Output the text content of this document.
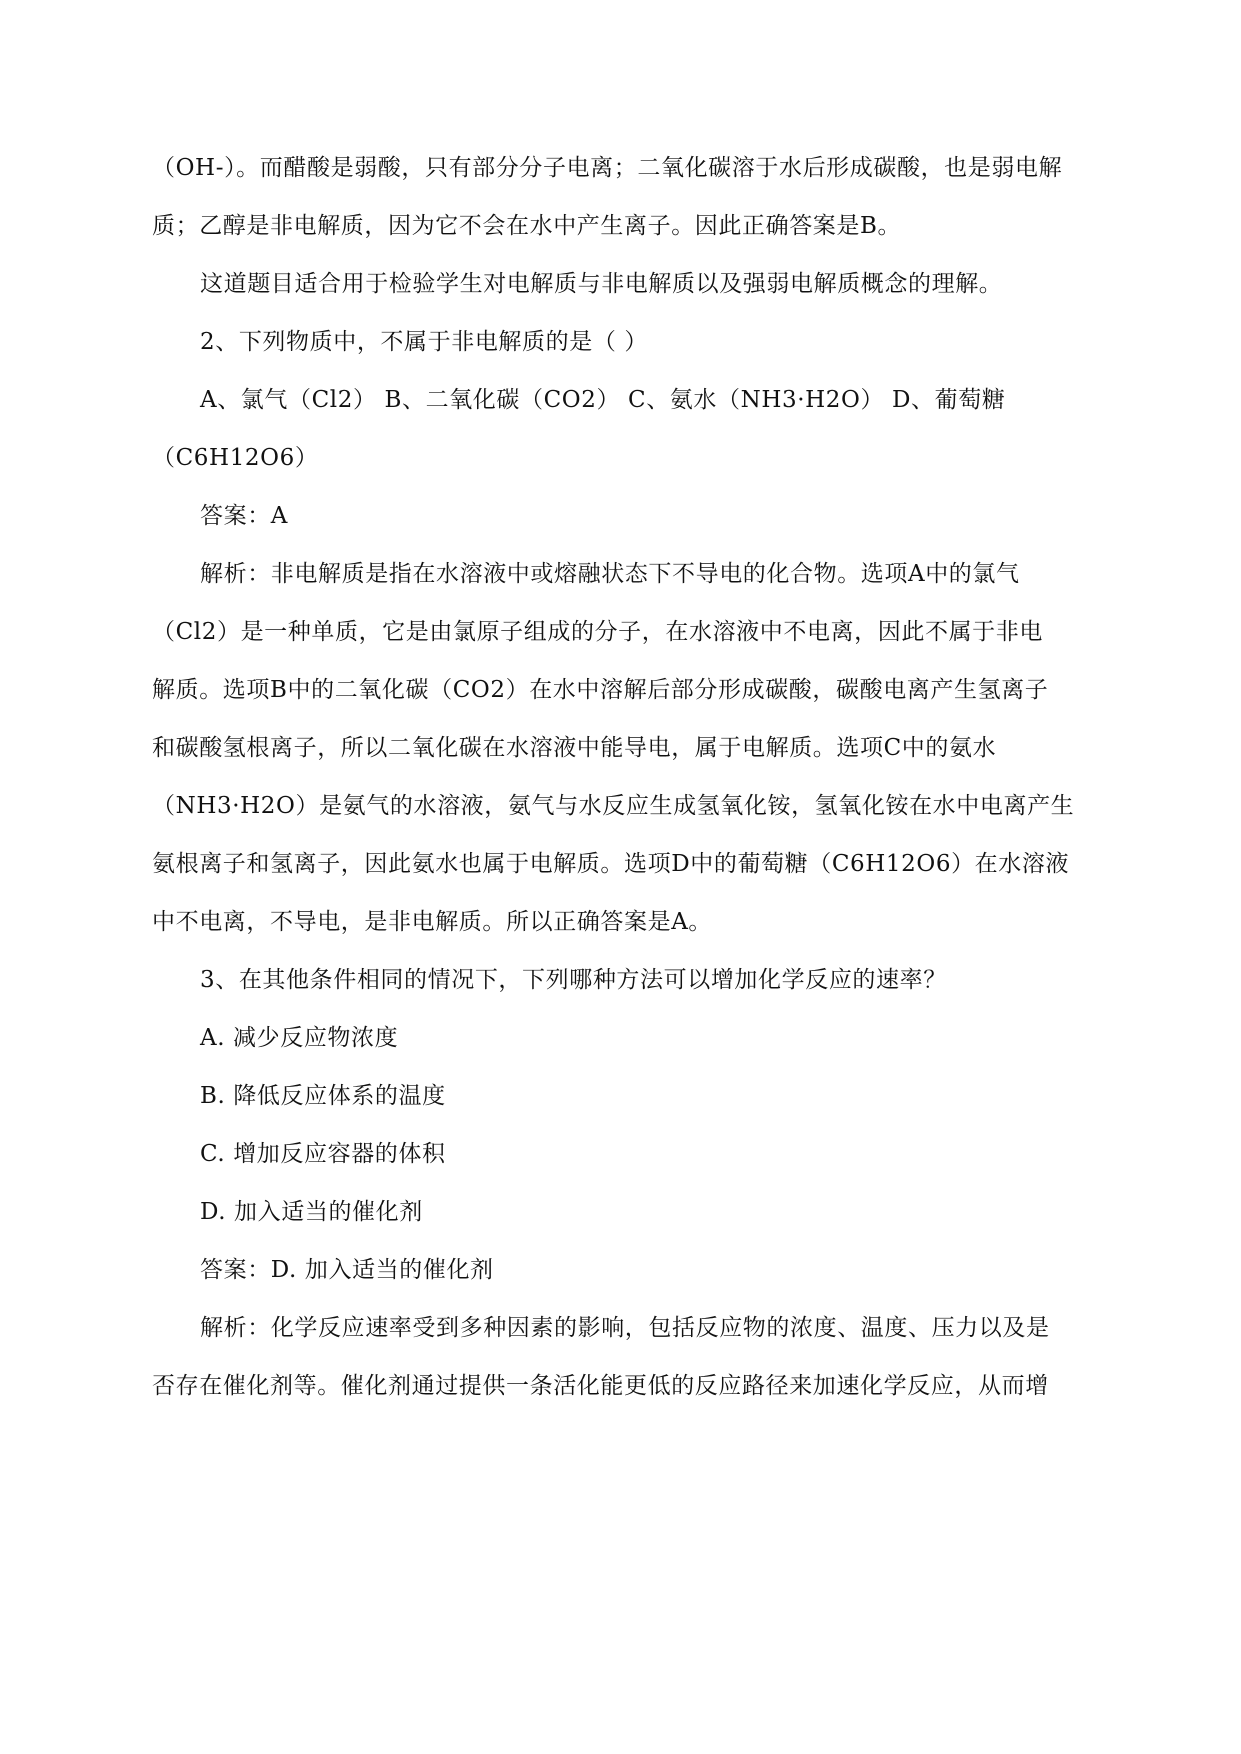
（OH-）。而醋酸是弱酸，只有部分分子电离；二氧化碳溶于水后形成碳酸，也是弱电解
质；乙醇是非电解质，因为它不会在水中产生离子。因此正确答案是B。
这道题目适合用于检验学生对电解质与非电解质以及强弱电解质概念的理解。
2、下列物质中，不属于非电解质的是（ ）
A、氯气（Cl2） B、二氧化碳（CO2） C、氨水（NH3·H2O） D、葡萄糖
（C6H12O6）
答案：A
解析：非电解质是指在水溶液中或熔融状态下不导电的化合物。选项A中的氯气
（Cl2）是一种单质，它是由氯原子组成的分子，在水溶液中不电离，因此不属于非电
解质。选项B中的二氧化碳（CO2）在水中溶解后部分形成碳酸，碳酸电离产生氢离子
和碳酸氢根离子，所以二氧化碳在水溶液中能导电，属于电解质。选项C中的氨水
（NH3·H2O）是氨气的水溶液，氨气与水反应生成氢氧化铵，氢氧化铵在水中电离产生
氨根离子和氢离子，因此氨水也属于电解质。选项D中的葡萄糖（C6H12O6）在水溶液
中不电离，不导电，是非电解质。所以正确答案是A。
3、在其他条件相同的情况下，下列哪种方法可以增加化学反应的速率？
A. 减少反应物浓度
B. 降低反应体系的温度
C. 增加反应容器的体积
D. 加入适当的催化剂
答案：D. 加入适当的催化剂
解析：化学反应速率受到多种因素的影响，包括反应物的浓度、温度、压力以及是
否存在催化剂等。催化剂通过提供一条活化能更低的反应路径来加速化学反应，从而增
